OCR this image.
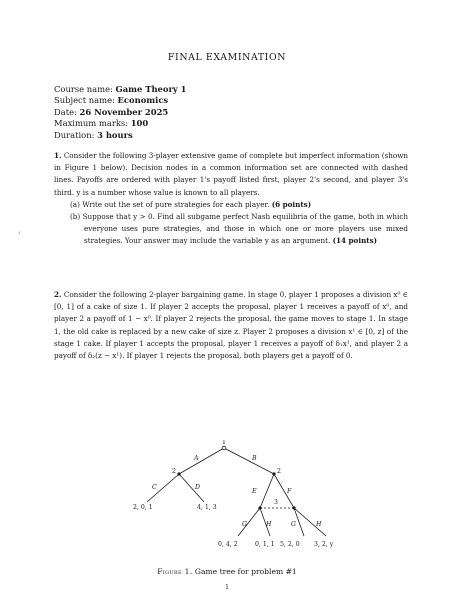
FINAL EXAMINATION
Course name: Game Theory 1
Subject name: Economics
Date: 26 November 2025
Maximum marks: 100
Duration: 3 hours
1. Consider the following 3-player extensive game of complete but imperfect information (shown in Figure 1 below). Decision nodes in a common information set are connected with dashed lines. Payoffs are ordered with player 1's payoff listed first, player 2's second, and player 3's third. y is a number whose value is known to all players.
(a) Write out the set of pure strategies for each player. (6 points)
(b) Suppose that y > 0. Find all subgame perfect Nash equilibria of the game, both in which everyone uses pure strategies, and those in which one or more players use mixed strategies. Your answer may include the variable y as an argument. (14 points)
2. Consider the following 2-player bargaining game. In stage 0, player 1 proposes a division x⁰ ∈ [0, 1] of a cake of size 1. If player 2 accepts the proposal, player 1 receives a payoff of x⁰, and player 2 a payoff of 1 − x⁰. If player 2 rejects the proposal, the game moves to stage 1. In stage 1, the old cake is replaced by a new cake of size z. Player 2 proposes a division x¹ ∈ [0, z] of the stage 1 cake. If player 1 accepts the proposal, player 1 receives a payoff of δ₁x¹, and player 2 a payoff of δ₂(z − x¹). If player 1 rejects the proposal, both players get a payoff of 0.
‹
1
2	2
3
A	B
C	D
E	F
G	H	G	H
2, 0, 1	4, 1, 3
0, 4, 2	0, 1, 1 5, 2, 0 3, 2, y
Figure 1. Game tree for problem #1
1
